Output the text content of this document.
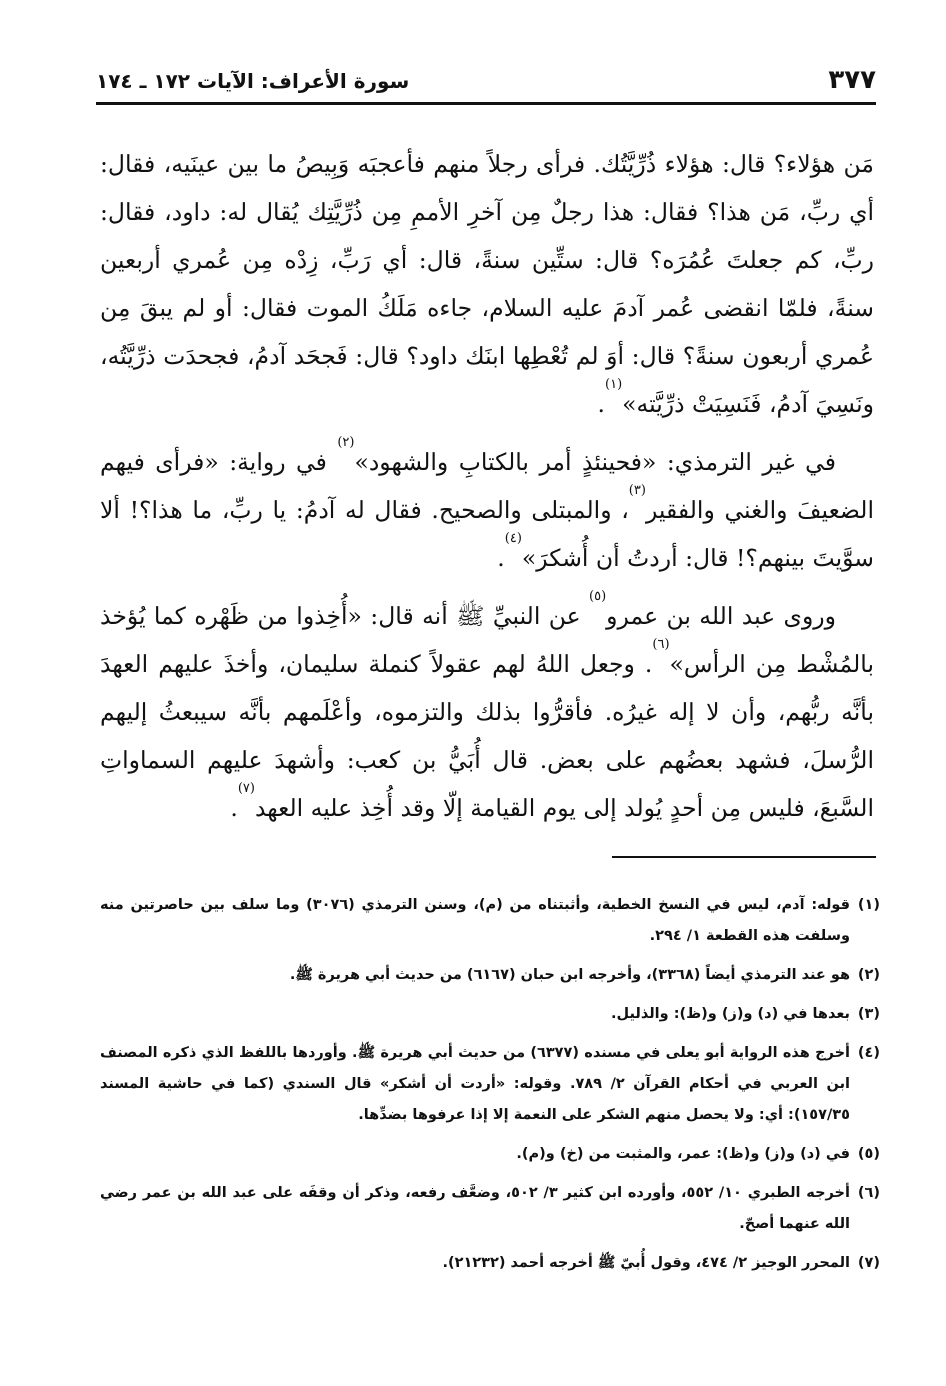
٣٧٧
سورة الأعراف: الآيات ١٧٢ ـ ١٧٤

مَن هؤلاء؟ قال: هؤلاء ذُرِّيَّتُك. فرأى رجلاً منهم فأعجبَه وَبِيصُ ما بين عينَيه، فقال: أي ربِّ، مَن هذا؟ فقال: هذا رجلٌ مِن آخرِ الأممِ مِن ذُرِّيَّتِك يُقال له: داود، فقال: ربِّ، كم جعلتَ عُمُرَه؟ قال: ستِّين سنةً، قال: أي رَبِّ، زِدْه مِن عُمري أربعين سنةً، فلمّا انقضى عُمر آدمَ عليه السلام، جاءه مَلَكُ الموت فقال: أو لم يبقَ مِن عُمري أربعون سنةً؟ قال: أوَ لم تُعْطِها ابنَك داود؟ قال: فَجحَد آدمُ، فجحدَت ذرِّيَّتُه، ونَسِيَ آدمُ، فَنَسِيَتْ ذرِّيَّته»$^{(١)}$.

في غير الترمذي: «فحينئذٍ أمر بالكتابِ والشهود»$^{(٢)}$ في رواية: «فرأى فيهم الضعيفَ والغني والفقير$^{(٣)}$، والمبتلى والصحيح. فقال له آدمُ: يا ربِّ، ما هذا؟! ألا سوَّيتَ بينهم؟! قال: أردتُ أن أُشكرَ»$^{(٤)}$.

وروى عبد الله بن عمرو$^{(٥)}$ عن النبيِّ ﷺ أنه قال: «أُخِذوا من ظَهْره كما يُؤخذ بالمُشْط مِن الرأس»$^{(٦)}$. وجعل اللهُ لهم عقولاً كنملة سليمان، وأخذَ عليهم العهدَ بأنَّه ربُّهم، وأن لا إله غيرُه. فأقرُّوا بذلك والتزموه، وأعْلَمهم بأنَّه سيبعثُ إليهم الرُّسلَ، فشهد بعضُهم على بعض. قال أُبَيُّ بن كعب: وأشهدَ عليهم السماواتِ السَّبعَ، فليس مِن أحدٍ يُولد إلى يوم القيامة إلّا وقد أُخِذ عليه العهد$^{(٧)}$.

(١)
قوله: آدم، ليس في النسخ الخطية، وأثبتناه من (م)، وسنن الترمذي (٣٠٧٦) وما سلف بين حاصرتين منه وسلفت هذه القطعة ١/ ٢٩٤.

(٢)
هو عند الترمذي أيضاً (٣٣٦٨)، وأخرجه ابن حبان (٦١٦٧) من حديث أبي هريرة ﷺ.

(٣)
بعدها في (د) و(ز) و(ظ): والذليل.

(٤)
أخرج هذه الرواية أبو يعلى في مسنده (٦٣٧٧) من حديث أبي هريرة ﷺ. وأوردها باللفظ الذي ذكره المصنف ابن العربي في أحكام القرآن ٢/ ٧٨٩. وقوله: «أردت أن أشكر» قال السندي (كما في حاشية المسند ١٥٧/٣٥): أي: ولا يحصل منهم الشكر على النعمة إلا إذا عرفوها بضدِّها.

(٥)
في (د) و(ز) و(ظ): عمر، والمثبت من (خ) و(م).

(٦)
أخرجه الطبري ١٠/ ٥٥٢، وأورده ابن كثير ٣/ ٥٠٢، وضعَّف رفعه، وذكر أن وقفَه على عبد الله بن عمر رضي الله عنهما أصحّ.

(٧)
المحرر الوجيز ٢/ ٤٧٤، وقول أُبيّ ﷺ أخرجه أحمد (٢١٢٣٢).
